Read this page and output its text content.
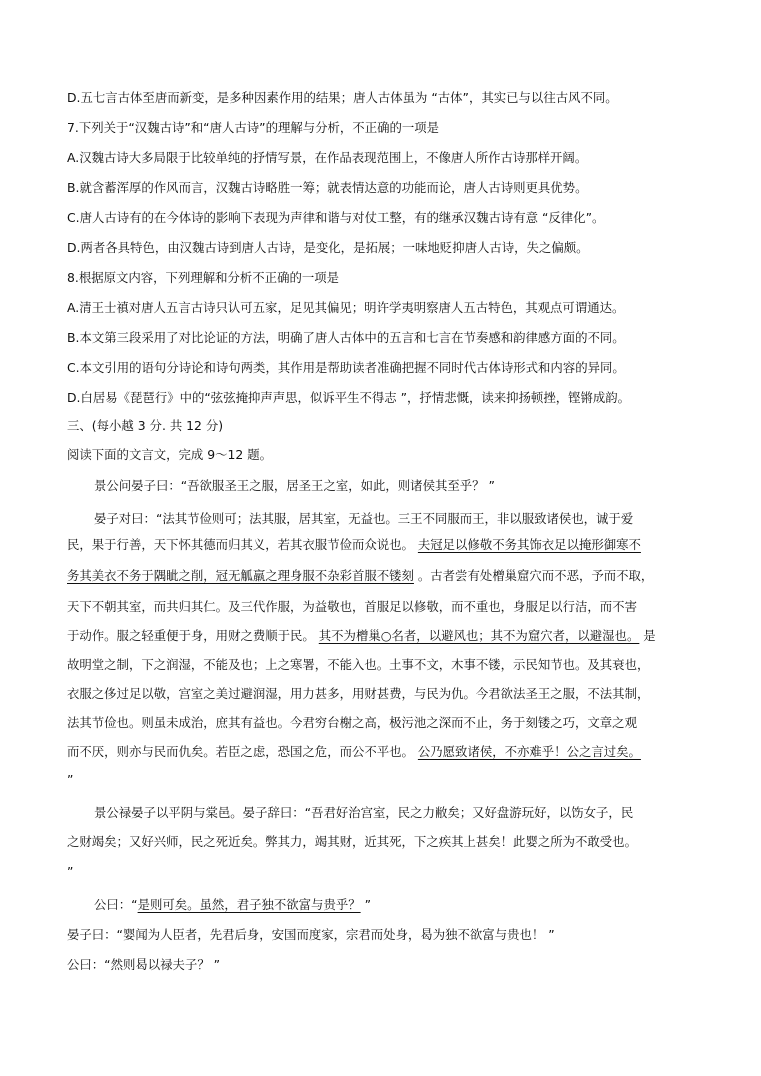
D.五七言古体至唐而新变，是多种因素作用的结果；唐人古体虽为 “古体”，其实已与以往古风不同。
7.下列关于“汉魏古诗”和“唐人古诗”的理解与分析，不正确的一项是
A.汉魏古诗大多局限于比较单纯的抒情写景，在作品表现范围上，不像唐人所作古诗那样开阔。
B.就含蓄浑厚的作风而言，汉魏古诗略胜一筹；就表情达意的功能而论，唐人古诗则更具优势。
C.唐人古诗有的在今体诗的影响下表现为声律和谐与对仗工整，有的继承汉魏古诗有意 “反律化”。
D.两者各具特色，由汉魏古诗到唐人古诗，是变化，是拓展；一味地贬抑唐人古诗，失之偏颇。
8.根据原文内容，下列理解和分析不正确的一项是
A.清王士禛对唐人五言古诗只认可五家，足见其偏见；明许学夷明察唐人五古特色，其观点可谓通达。
B.本文第三段采用了对比论证的方法，明确了唐人古体中的五言和七言在节奏感和韵律感方面的不同。
C.本文引用的语句分诗论和诗句两类，其作用是帮助读者准确把握不同时代古体诗形式和内容的异同。
D.白居易《琵琶行》中的“弦弦掩抑声声思，似诉平生不得志 ”，抒情悲慨，读来抑扬顿挫，铿锵成韵。
三、(每小越 3 分. 共 12 分)
阅读下面的文言文，完成 9～12 题。
景公问晏子曰：“吾欲服圣王之服，居圣王之室，如此，则诸侯其至乎？ ”
晏子对曰：“法其节俭则可；法其服，居其室，无益也。三王不同服而王，非以服致诸侯也，诚于爱
民，果于行善，天下怀其德而归其义，若其衣服节俭而众说也。 夫冠足以修敬不务其饰衣足以掩形御寒不
务其美衣不务于隅眦之削，冠无觚羸之理身服不杂彩首服不镂刻 。古者尝有处橧巢窟穴而不恶，予而不取，
天下不朝其室，而共归其仁。及三代作服，为益敬也，首服足以修敬，而不重也，身服足以行洁，而不害
于动作。服之轻重便于身，用财之费顺于民。 其不为橧巢○名者，以避风也；其不为窟穴者，以避湿也。 是
故明堂之制，下之润湿，不能及也；上之寒署，不能入也。土事不文，木事不镂，示民知节也。及其衰也，
衣服之侈过足以敬，宫室之美过避润湿，用力甚多，用财甚费，与民为仇。今君欲法圣王之服，不法其制，
法其节俭也。则虽未成治，庶其有益也。今君穷台榭之高，极污池之深而不止，务于刻镂之巧，文章之观
而不厌，则亦与民而仇矣。若臣之虑，恐国之危，而公不平也。 公乃愿致诸侯，不亦难乎！公之言过矣。
”
景公禄晏子以平阴与棠邑。晏子辞曰：“吾君好治宫室，民之力敝矣；又好盘游玩好，以饬女子，民
之财竭矣；又好兴师，民之死近矣。弊其力，竭其财，近其死，下之疾其上甚矣！此婴之所为不敢受也。
”
公曰：“是则可矣。虽然，君子独不欲富与贵乎？ ”
晏子曰：“婴闻为人臣者，先君后身，安国而度家，宗君而处身，曷为独不欲富与贵也！ ”
公曰：“然则曷以禄夫子？ ”
